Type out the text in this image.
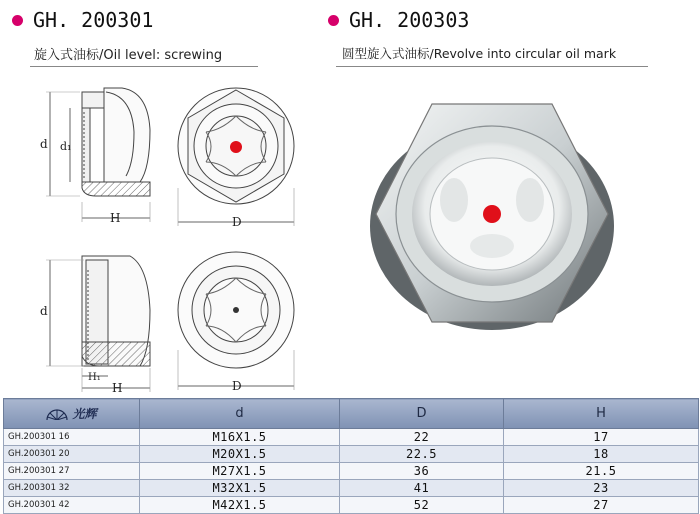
GH. 200301	GH. 200303
旋入式油标/Oil level: screwing	圆型旋入式油标/Revolve into circular oil mark
d d₁
H	D
d
H₁
H	D
光辉	d	D	H
GH.200301 16	M16X1.5	22	17
GH.200301 20	M20X1.5	22.5	18
GH.200301 27	M27X1.5	36	21.5
GH.200301 32	M32X1.5	41	23
GH.200301 42	M42X1.5	52	27
